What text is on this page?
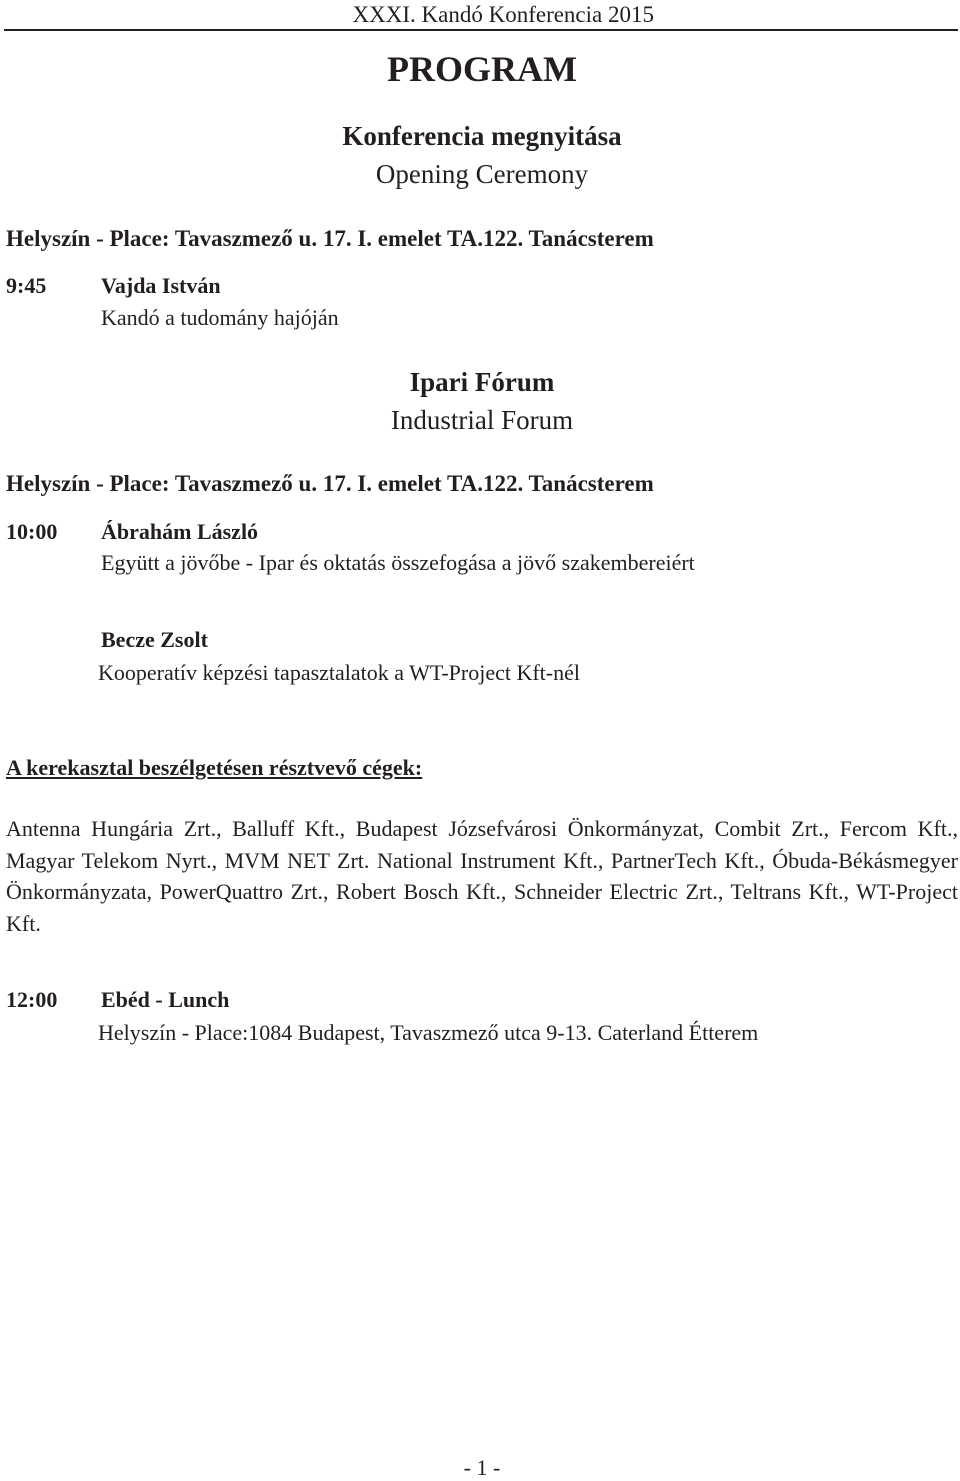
XXXI. Kandó Konferencia 2015
PROGRAM
Konferencia megnyitása
Opening Ceremony
Helyszín - Place: Tavaszmező u. 17. I. emelet TA.122. Tanácsterem
9:45 Vajda István
Kandó a tudomány hajóján
Ipari Fórum
Industrial Forum
Helyszín - Place: Tavaszmező u. 17. I. emelet TA.122. Tanácsterem
10:00 Ábrahám László
Együtt a jövőbe - Ipar és oktatás összefogása a jövő szakembereiért
Becze Zsolt
Kooperatív képzési tapasztalatok a WT-Project Kft-nél
A kerekasztal beszélgetésen résztvevő cégek:
Antenna Hungária Zrt., Balluff Kft., Budapest Józsefvárosi Önkormányzat, Combit Zrt., Fercom Kft., Magyar Telekom Nyrt., MVM NET Zrt. National Instrument Kft., PartnerTech Kft., Óbuda-Békásmegyer Önkormányzata, PowerQuattro Zrt., Robert Bosch Kft., Schneider Electric Zrt., Teltrans Kft., WT-Project Kft.
12:00 Ebéd - Lunch
Helyszín - Place:1084 Budapest, Tavaszmező utca 9-13. Caterland Étterem
- 1 -
